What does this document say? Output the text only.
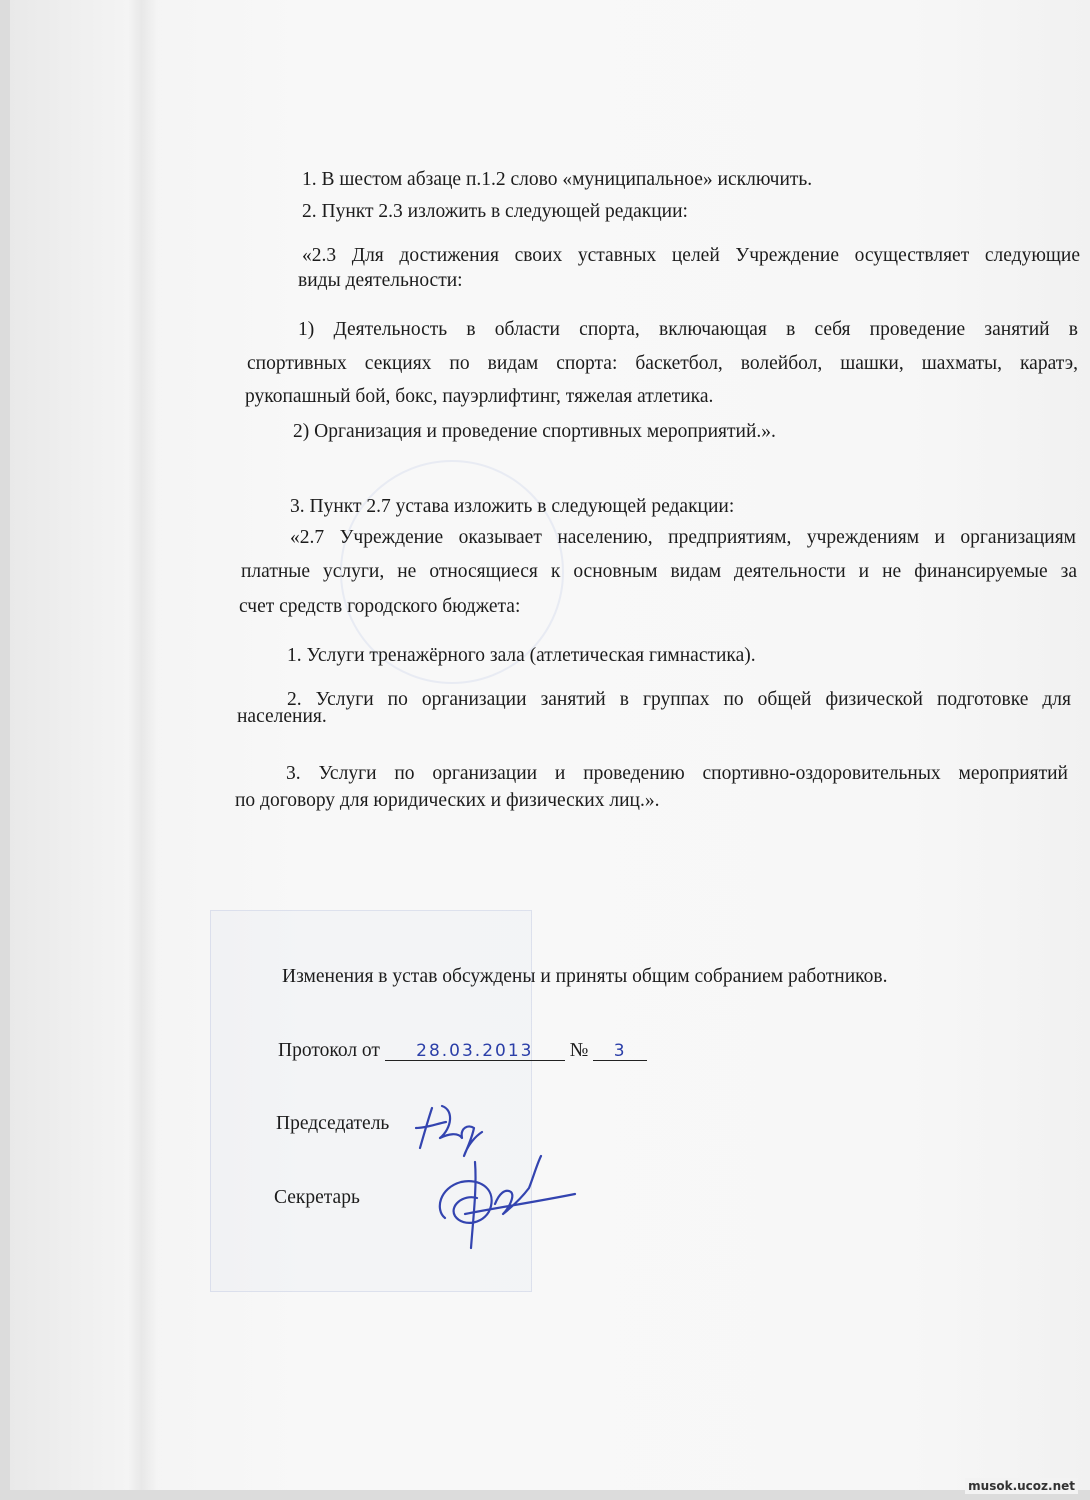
1. В шестом абзаце п.1.2 слово «муниципальное» исключить.
2. Пункт 2.3 изложить в следующей редакции:
«2.3 Для достижения своих уставных целей Учреждение осуществляет следующие
виды деятельности:
1) Деятельность в области спорта, включающая в себя проведение занятий в
спортивных секциях по видам спорта: баскетбол, волейбол, шашки, шахматы, каратэ,
рукопашный бой, бокс, пауэрлифтинг, тяжелая атлетика.
2) Организация и проведение спортивных мероприятий.».
3. Пункт 2.7 устава изложить в следующей редакции:
«2.7 Учреждение оказывает населению, предприятиям, учреждениям и организациям
платные услуги, не относящиеся к основным видам деятельности и не финансируемые за
счет средств городского бюджета:
1. Услуги тренажёрного зала (атлетическая гимнастика).
2. Услуги по организации занятий в группах по общей физической подготовке для
населения.
3. Услуги по организации и проведению спортивно-оздоровительных мероприятий
по договору для юридических и физических лиц.».
Изменения в устав обсуждены и приняты общим собранием работников.
Протокол от 28.03.2013 № 3
Председатель
Секретарь
musok.ucoz.net
